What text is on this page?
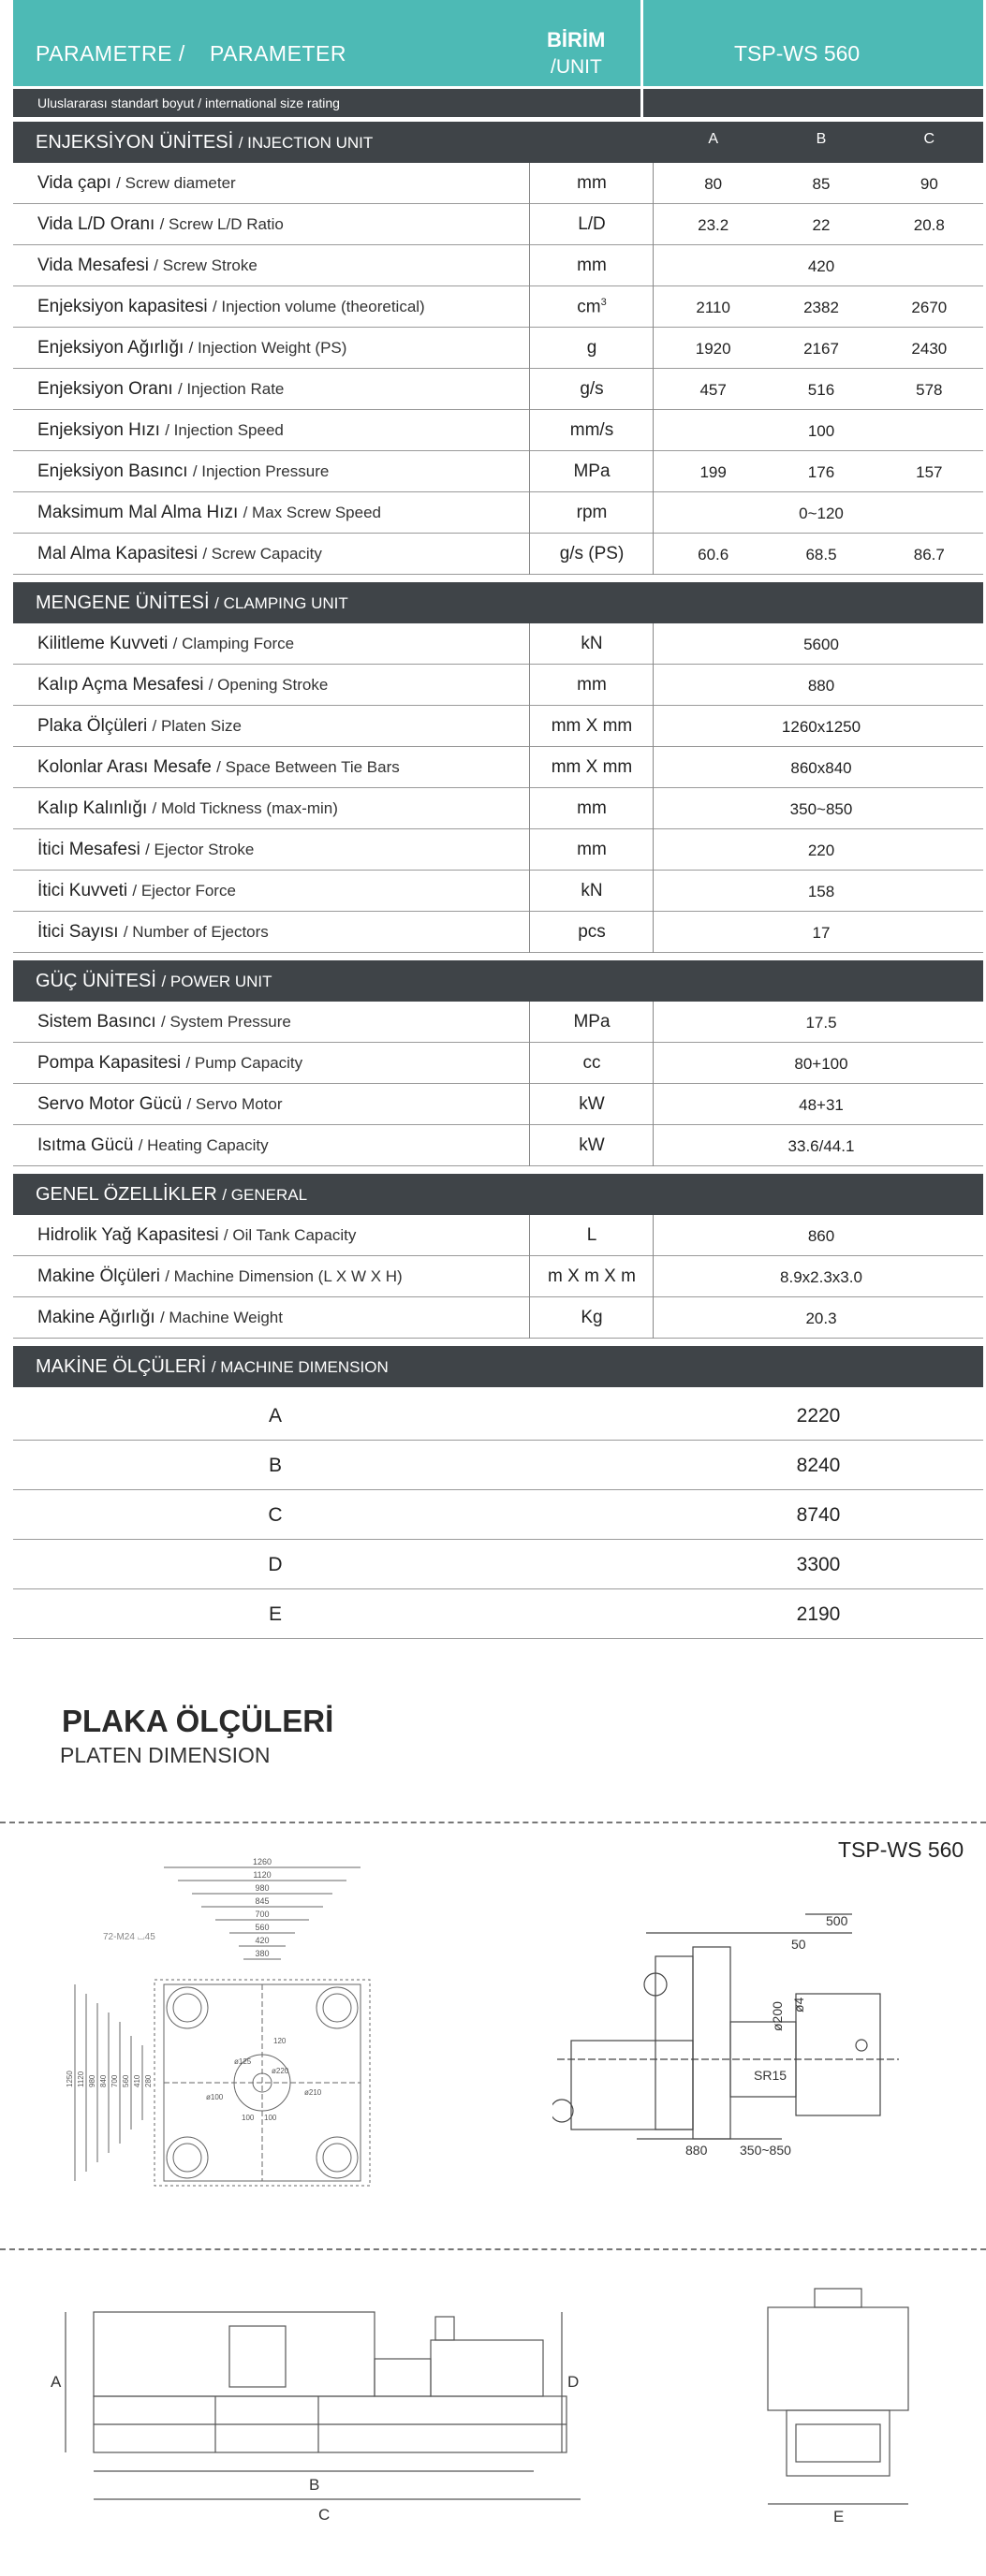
PARAMETRE / PARAMETER
BİRİM
/UNIT
TSP-WS 560
Uluslararası standart boyut / international size rating
ENJEKSİYON ÜNİTESİ / INJECTION UNIT	A	B	C
Vida çapı / Screw diameter	mm	80	85	90
Vida L/D Oranı / Screw L/D Ratio	L/D	23.2	22	20.8
Vida Mesafesi / Screw Stroke	mm	420
Enjeksiyon kapasitesi / Injection volume (theoretical)	$cm^3$	2110	2382	2670
Enjeksiyon Ağırlığı / Injection Weight (PS)	g	1920	2167	2430
Enjeksiyon Oranı / Injection Rate	g/s	457	516	578
Enjeksiyon Hızı / Injection Speed	mm/s	100
Enjeksiyon Basıncı / Injection Pressure	MPa	199	176	157
Maksimum Mal Alma Hızı / Max Screw Speed	rpm	0~120
Mal Alma Kapasitesi / Screw Capacity	g/s (PS)	60.6	68.5	86.7
MENGENE ÜNİTESİ / CLAMPING UNIT
Kilitleme Kuvveti / Clamping Force	kN	5600
Kalıp Açma Mesafesi / Opening Stroke	mm	880
Plaka Ölçüleri / Platen Size	mm X mm	1260x1250
Kolonlar Arası Mesafe / Space Between Tie Bars	mm X mm	860x840
Kalıp Kalınlığı / Mold Tickness (max-min)	mm	350~850
İtici Mesafesi / Ejector Stroke	mm	220
İtici Kuvveti / Ejector Force	kN	158
İtici Sayısı / Number of Ejectors	pcs	17
GÜÇ ÜNİTESİ / POWER UNIT
Sistem Basıncı / System Pressure	MPa	17.5
Pompa Kapasitesi / Pump Capacity	cc	80+100
Servo Motor Gücü / Servo Motor	kW	48+31
Isıtma Gücü / Heating Capacity	kW	33.6/44.1
GENEL ÖZELLİKLER / GENERAL
Hidrolik Yağ Kapasitesi / Oil Tank Capacity	L	860
Makine Ölçüleri / Machine Dimension (L X W X H)	m X m X m	8.9x2.3x3.0
Makine Ağırlığı / Machine Weight	Kg	20.3
MAKİNE ÖLÇÜLERİ / MACHINE DIMENSION
A	2220
B	8240
C	8740
D	3300
E	2190
PLAKA ÖLÇÜLERİ
PLATEN DIMENSION
TSP-WS 560
1260
1120
980
845
700
560
420
380
72-M24 ⌴45
1250 1120 980 840 700 560 410 280
ø220
ø125
ø210
ø100
100 100
120
500
50
ø200 ø4
SR15
880 350~850
A
B
C
D
E
